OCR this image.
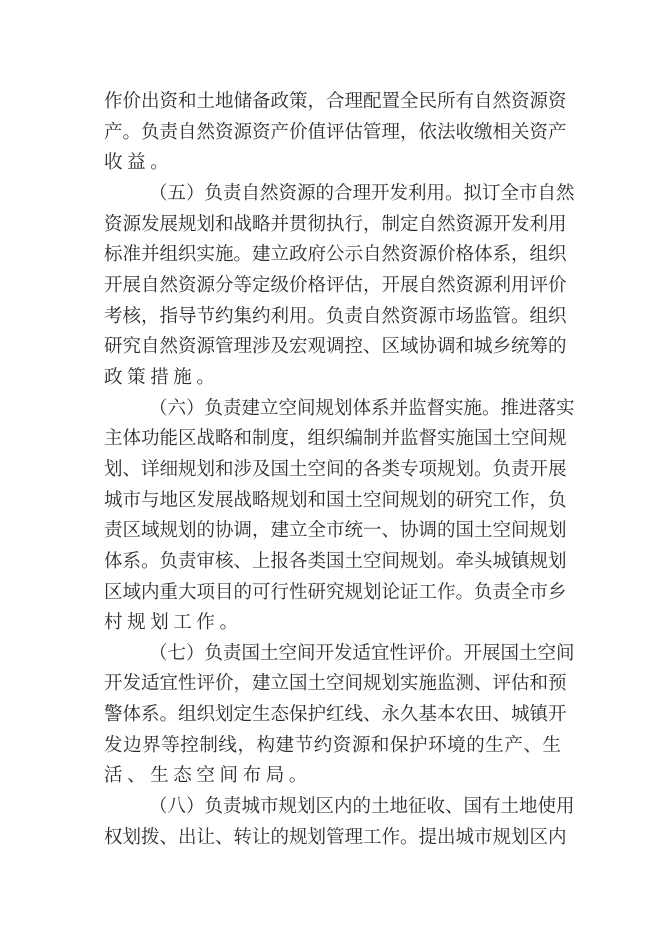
作价出资和土地储备政策，合理配置全民所有自然资源资
产。负责自然资源资产价值评估管理，依法收缴相关资产
收益。
（五）负责自然资源的合理开发利用。拟订全市自然
资源发展规划和战略并贯彻执行，制定自然资源开发利用
标准并组织实施。建立政府公示自然资源价格体系，组织
开展自然资源分等定级价格评估，开展自然资源利用评价
考核，指导节约集约利用。负责自然资源市场监管。组织
研究自然资源管理涉及宏观调控、区域协调和城乡统筹的
政策措施。
（六）负责建立空间规划体系并监督实施。推进落实
主体功能区战略和制度，组织编制并监督实施国土空间规
划、详细规划和涉及国土空间的各类专项规划。负责开展
城市与地区发展战略规划和国土空间规划的研究工作，负
责区域规划的协调，建立全市统一、协调的国土空间规划
体系。负责审核、上报各类国土空间规划。牵头城镇规划
区域内重大项目的可行性研究规划论证工作。负责全市乡
村规划工作。
（七）负责国土空间开发适宜性评价。开展国土空间
开发适宜性评价，建立国土空间规划实施监测、评估和预
警体系。组织划定生态保护红线、永久基本农田、城镇开
发边界等控制线，构建节约资源和保护环境的生产、生
活、生态空间布局。
（八）负责城市规划区内的土地征收、国有土地使用
权划拨、出让、转让的规划管理工作。提出城市规划区内
